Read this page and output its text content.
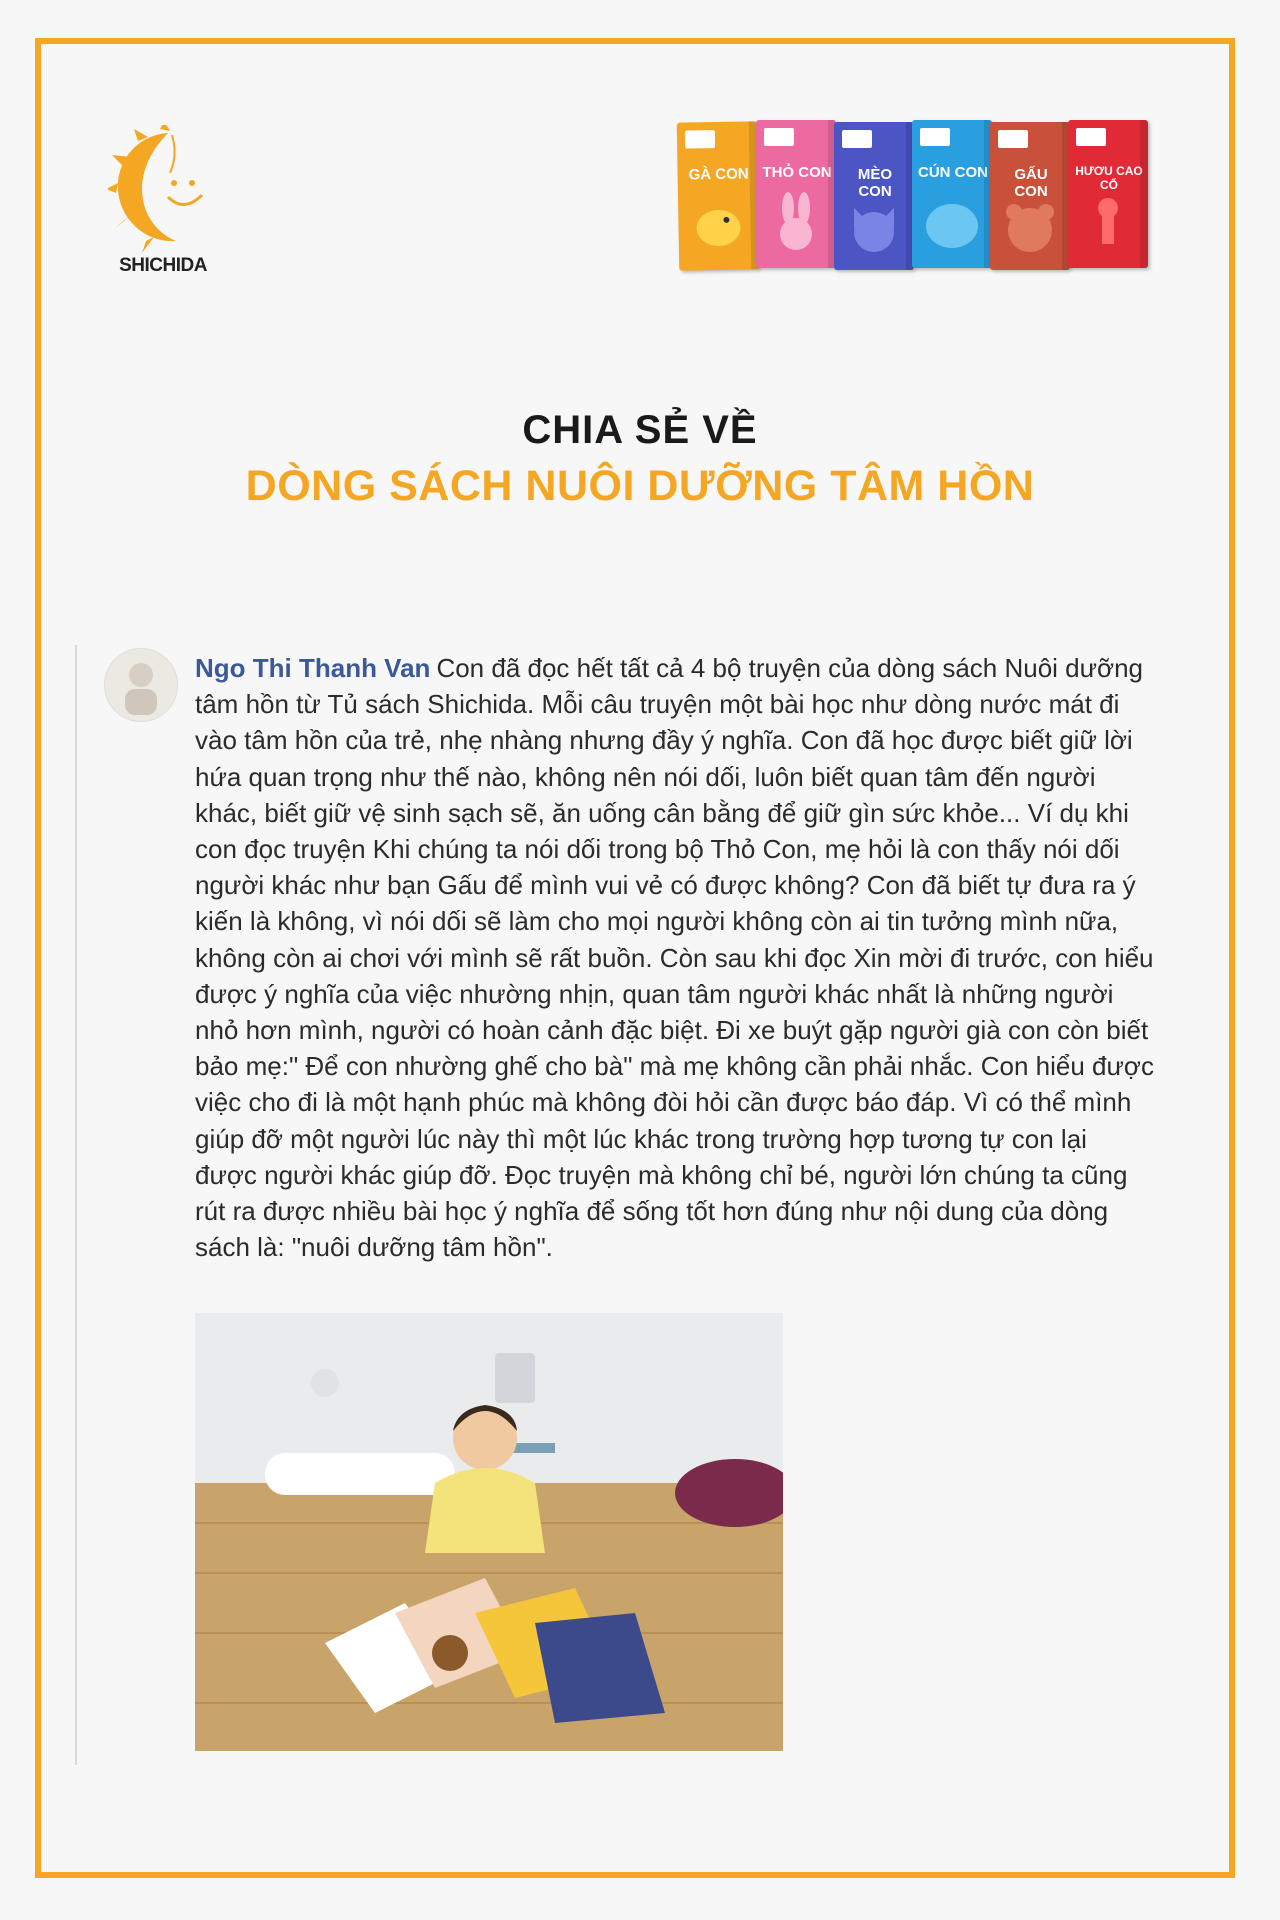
SHICHIDA
GÀ CON THỎ CON	MÈO CON
CÚN CON	GẤU CON
HƯƠU CAO CỔ
CHIA SẺ VỀ
DÒNG SÁCH NUÔI DƯỠNG TÂM HỒN
Ngo Thi Thanh Van Con đã đọc hết tất cả 4 bộ truyện của dòng sách Nuôi dưỡng tâm hồn từ Tủ sách Shichida. Mỗi câu truyện một bài học như dòng nước mát đi vào tâm hồn của trẻ, nhẹ nhàng nhưng đầy ý nghĩa. Con đã học được biết giữ lời hứa quan trọng như thế nào, không nên nói dối, luôn biết quan tâm đến người khác, biết giữ vệ sinh sạch sẽ, ăn uống cân bằng để giữ gìn sức khỏe... Ví dụ khi con đọc truyện Khi chúng ta nói dối trong bộ Thỏ Con, mẹ hỏi là con thấy nói dối người khác như bạn Gấu để mình vui vẻ có được không? Con đã biết tự đưa ra ý kiến là không, vì nói dối sẽ làm cho mọi người không còn ai tin tưởng mình nữa, không còn ai chơi với mình sẽ rất buồn. Còn sau khi đọc Xin mời đi trước, con hiểu được ý nghĩa của việc nhường nhịn, quan tâm người khác nhất là những người nhỏ hơn mình, người có hoàn cảnh đặc biệt. Đi xe buýt gặp người già con còn biết bảo mẹ:" Để con nhường ghế cho bà" mà mẹ không cần phải nhắc. Con hiểu được việc cho đi là một hạnh phúc mà không đòi hỏi cần được báo đáp. Vì có thể mình giúp đỡ một người lúc này thì một lúc khác trong trường hợp tương tự con lại được người khác giúp đỡ. Đọc truyện mà không chỉ bé, người lớn chúng ta cũng rút ra được nhiều bài học ý nghĩa để sống tốt hơn đúng như nội dung của dòng sách là: "nuôi dưỡng tâm hồn".
